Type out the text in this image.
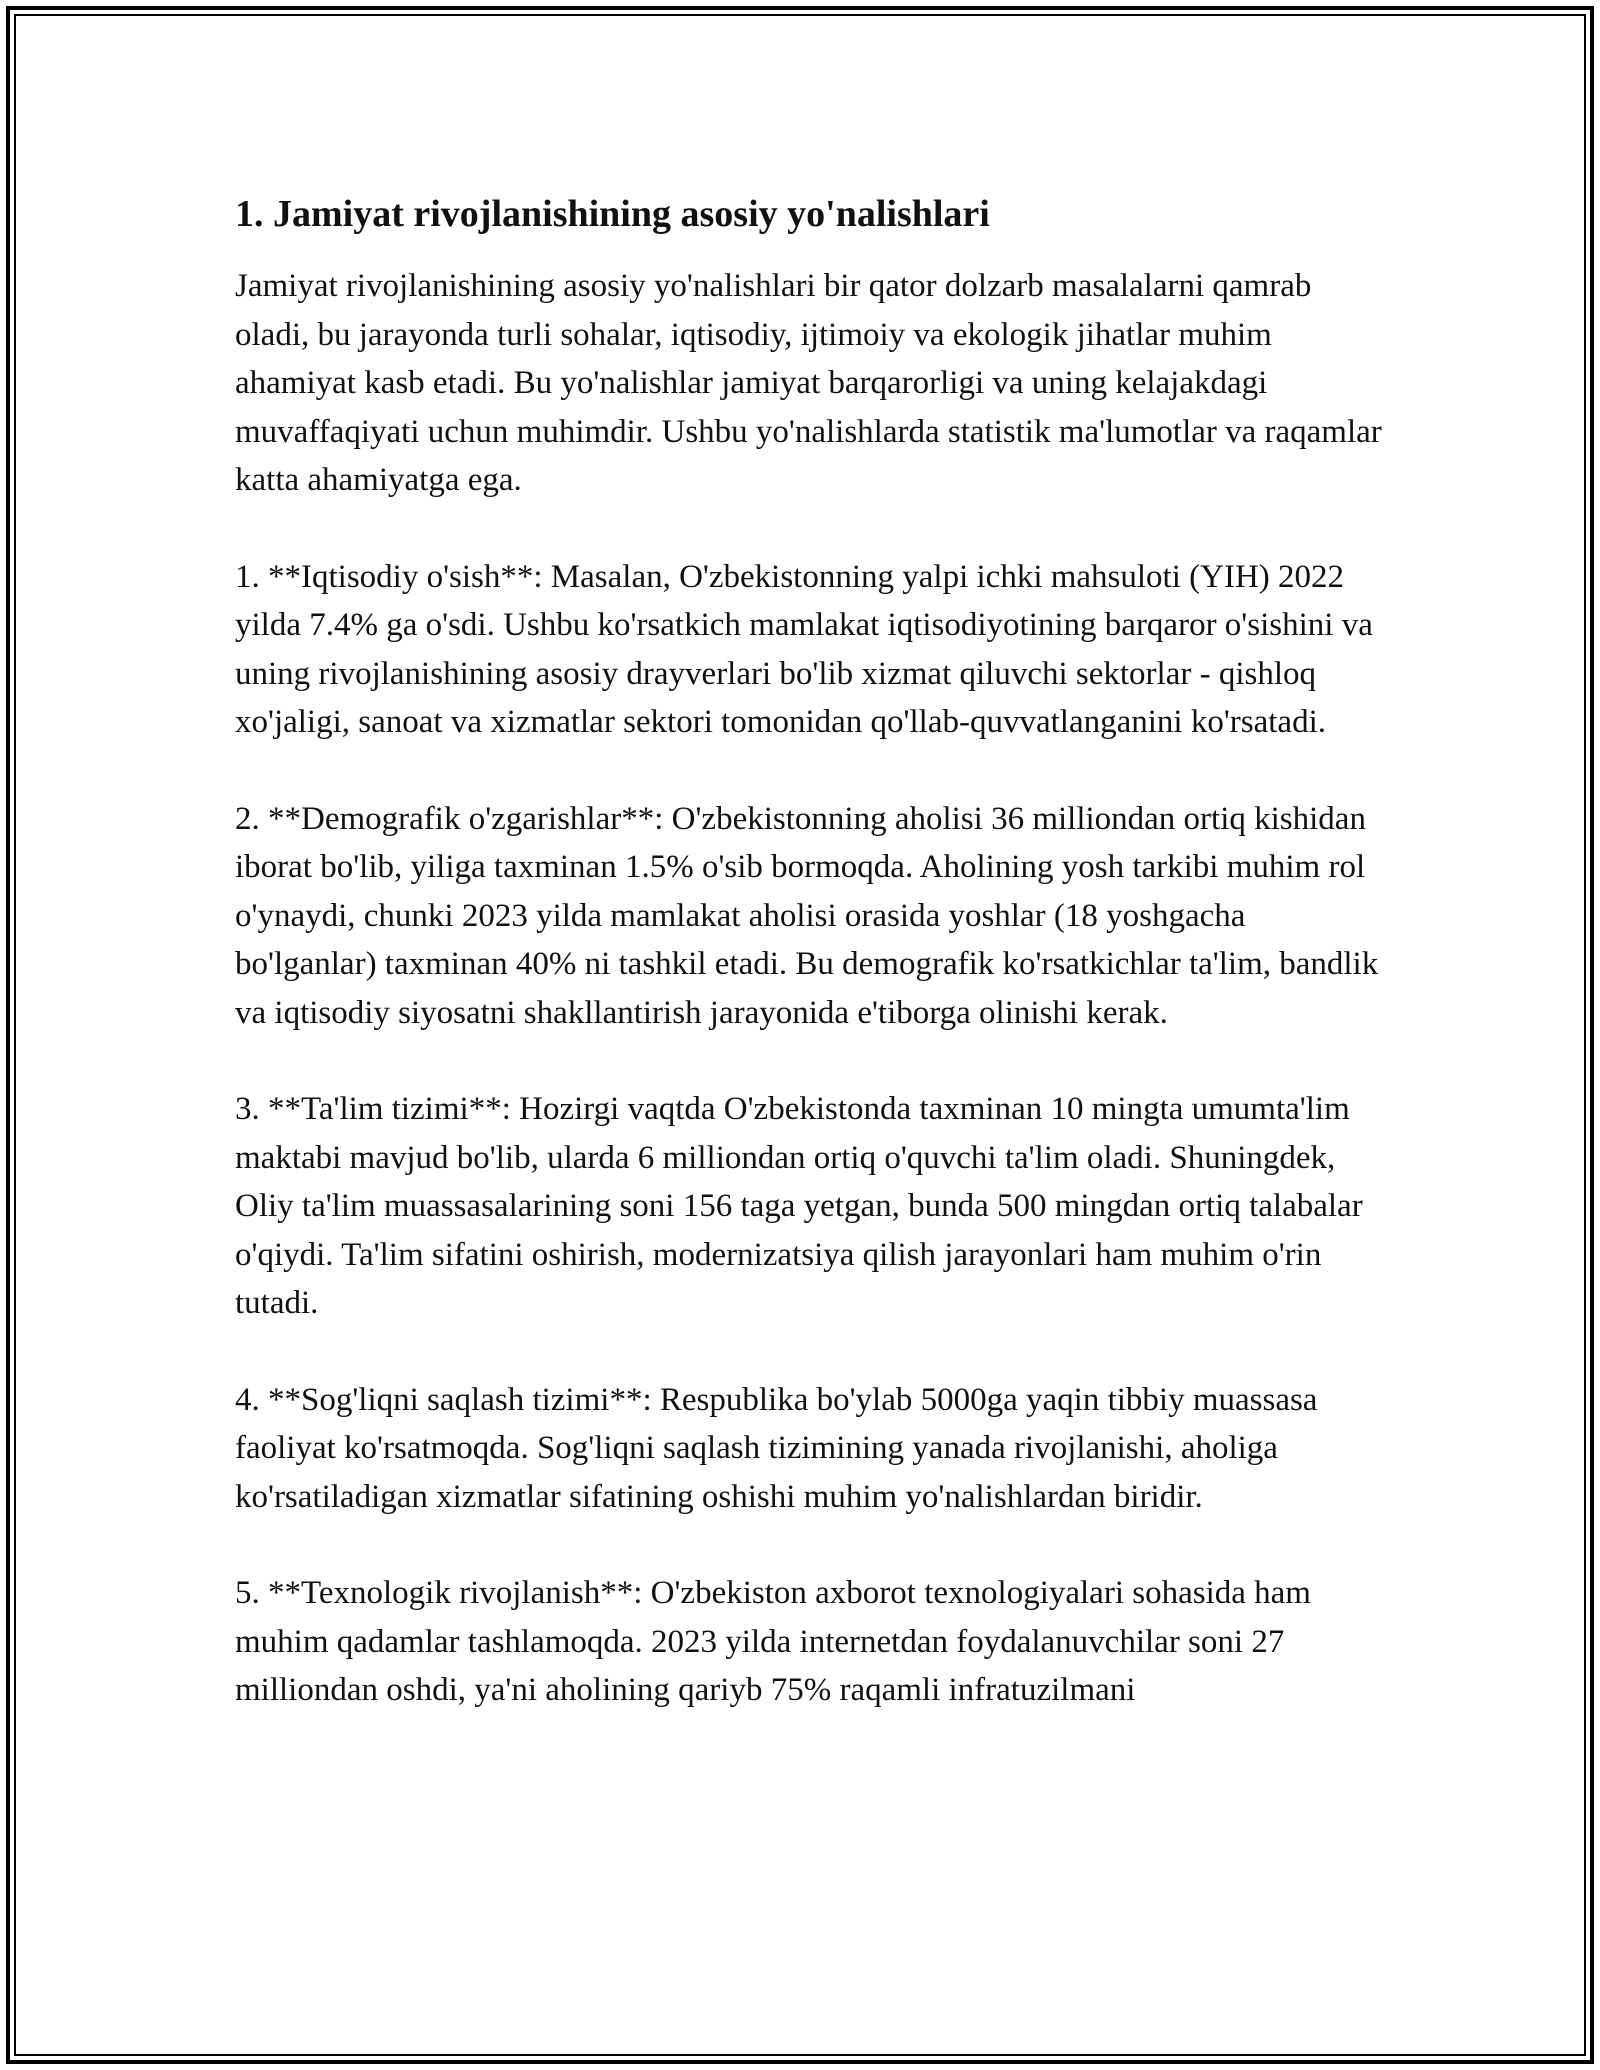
1. Jamiyat rivojlanishining asosiy yo'nalishlari

Jamiyat rivojlanishining asosiy yo'nalishlari bir qator dolzarb masalalarni qamrab oladi, bu jarayonda turli sohalar, iqtisodiy, ijtimoiy va ekologik jihatlar muhim ahamiyat kasb etadi. Bu yo'nalishlar jamiyat barqarorligi va uning kelajakdagi muvaffaqiyati uchun muhimdir. Ushbu yo'nalishlarda statistik ma'lumotlar va raqamlar katta ahamiyatga ega.

1. **Iqtisodiy o'sish**: Masalan, O'zbekistonning yalpi ichki mahsuloti (YIH) 2022 yilda 7.4% ga o'sdi. Ushbu ko'rsatkich mamlakat iqtisodiyotining barqaror o'sishini va uning rivojlanishining asosiy drayverlari bo'lib xizmat qiluvchi sektorlar - qishloq xo'jaligi, sanoat va xizmatlar sektori tomonidan qo'llab-quvvatlanganini ko'rsatadi.

2. **Demografik o'zgarishlar**: O'zbekistonning aholisi 36 milliondan ortiq kishidan iborat bo'lib, yiliga taxminan 1.5% o'sib bormoqda. Aholining yosh tarkibi muhim rol o'ynaydi, chunki 2023 yilda mamlakat aholisi orasida yoshlar (18 yoshgacha bo'lganlar) taxminan 40% ni tashkil etadi. Bu demografik ko'rsatkichlar ta'lim, bandlik va iqtisodiy siyosatni shakllantirish jarayonida e'tiborga olinishi kerak.

3. **Ta'lim tizimi**: Hozirgi vaqtda O'zbekistonda taxminan 10 mingta umumta'lim maktabi mavjud bo'lib, ularda 6 milliondan ortiq o'quvchi ta'lim oladi. Shuningdek, Oliy ta'lim muassasalarining soni 156 taga yetgan, bunda 500 mingdan ortiq talabalar o'qiydi. Ta'lim sifatini oshirish, modernizatsiya qilish jarayonlari ham muhim o'rin tutadi.

4. **Sog'liqni saqlash tizimi**: Respublika bo'ylab 5000ga yaqin tibbiy muassasa faoliyat ko'rsatmoqda. Sog'liqni saqlash tizimining yanada rivojlanishi, aholiga ko'rsatiladigan xizmatlar sifatining oshishi muhim yo'nalishlardan biridir.

5. **Texnologik rivojlanish**: O'zbekiston axborot texnologiyalari sohasida ham muhim qadamlar tashlamoqda. 2023 yilda internetdan foydalanuvchilar soni 27 milliondan oshdi, ya'ni aholining qariyb 75% raqamli infratuzilmani
